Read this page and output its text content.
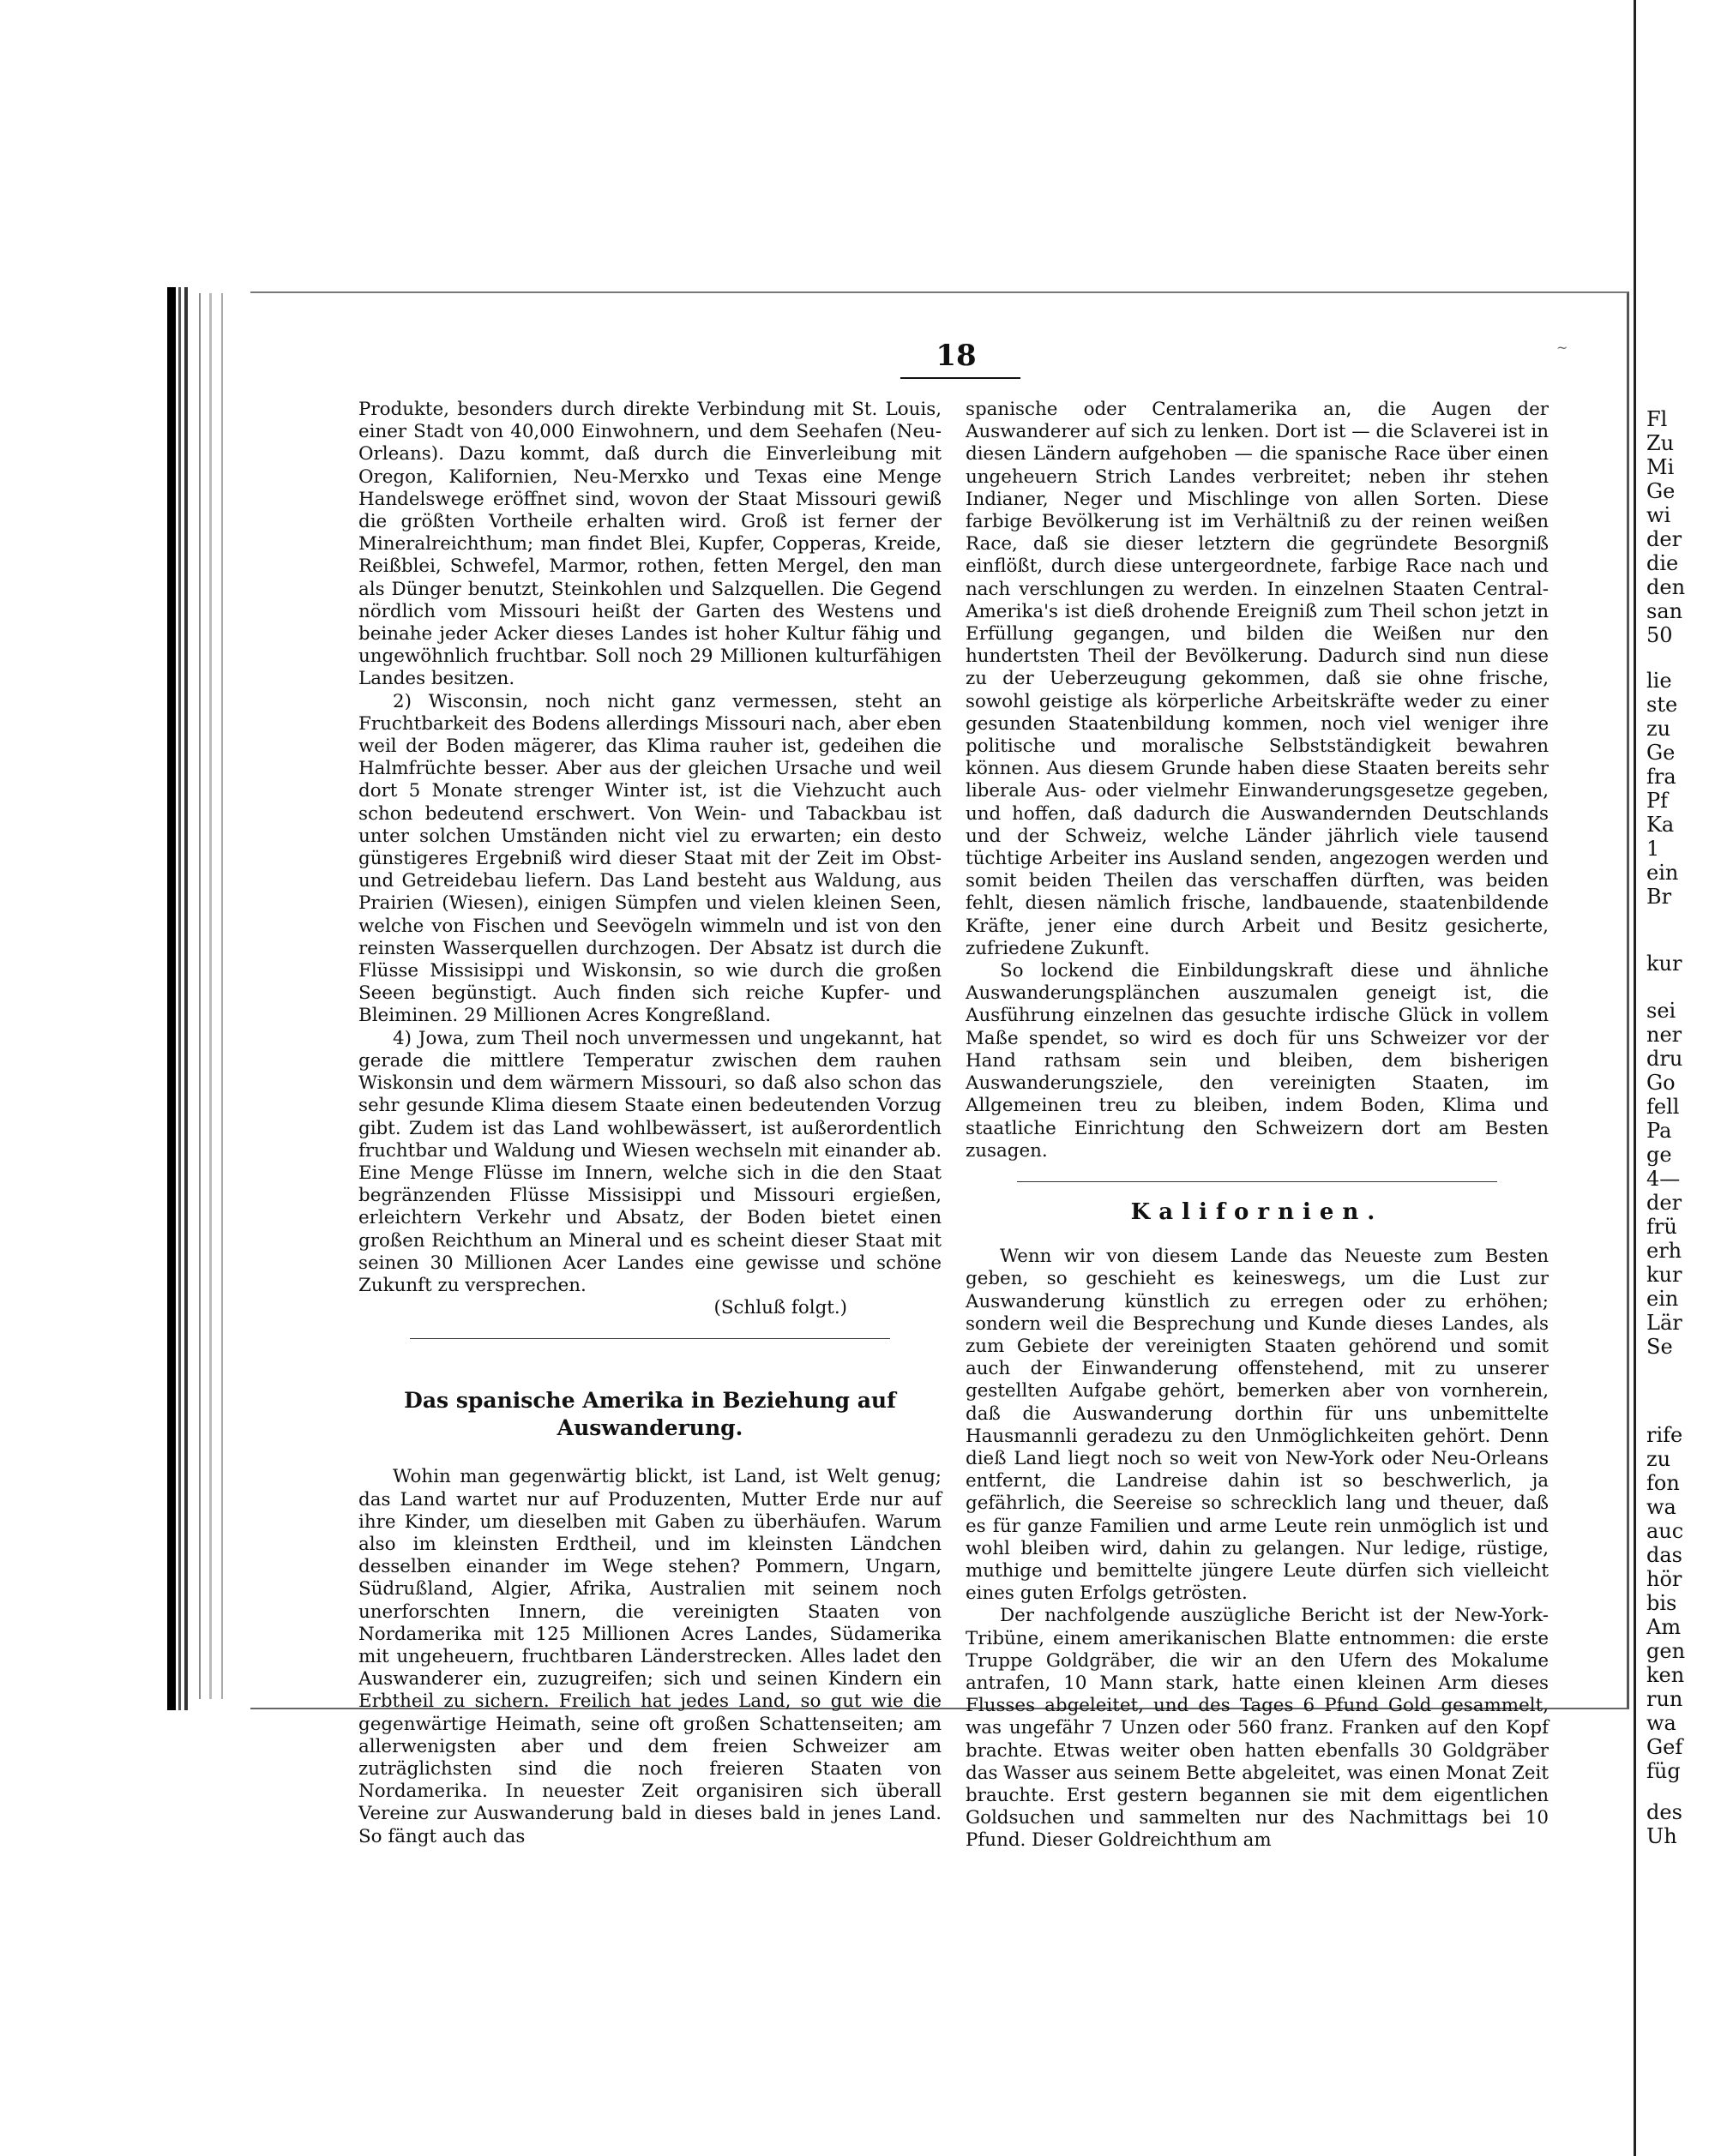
18	~

Produkte, besonders durch direkte Verbindung mit St. Louis, einer Stadt von 40,000 Einwohnern, und dem Seehafen (Neu-Orleans). Dazu kommt, daß durch die Einverleibung mit Oregon, Kalifornien, Neu-Merxko und Texas eine Menge Handelswege eröffnet sind, wovon der Staat Missouri gewiß die größten Vortheile erhalten wird. Groß ist ferner der Mineralreichthum; man findet Blei, Kupfer, Copperas, Kreide, Reißblei, Schwefel, Marmor, rothen, fetten Mergel, den man als Dünger benutzt, Steinkohlen und Salzquellen. Die Gegend nördlich vom Missouri heißt der Garten des Westens und beinahe jeder Acker dieses Landes ist hoher Kultur fähig und ungewöhnlich fruchtbar. Soll noch 29 Millionen kulturfähigen Landes besitzen.

2) Wisconsin, noch nicht ganz vermessen, steht an Fruchtbarkeit des Bodens allerdings Missouri nach, aber eben weil der Boden mägerer, das Klima rauher ist, gedeihen die Halmfrüchte besser. Aber aus der gleichen Ursache und weil dort 5 Monate strenger Winter ist, ist die Viehzucht auch schon bedeutend erschwert. Von Wein- und Tabackbau ist unter solchen Umständen nicht viel zu erwarten; ein desto günstigeres Ergebniß wird dieser Staat mit der Zeit im Obst- und Getreidebau liefern. Das Land besteht aus Waldung, aus Prairien (Wiesen), einigen Sümpfen und vielen kleinen Seen, welche von Fischen und Seevögeln wimmeln und ist von den reinsten Wasserquellen durchzogen. Der Absatz ist durch die Flüsse Missisippi und Wiskonsin, so wie durch die großen Seeen begünstigt. Auch finden sich reiche Kupfer- und Bleiminen. 29 Millionen Acres Kongreßland.

4) Jowa, zum Theil noch unvermessen und ungekannt, hat gerade die mittlere Temperatur zwischen dem rauhen Wiskonsin und dem wärmern Missouri, so daß also schon das sehr gesunde Klima diesem Staate einen bedeutenden Vorzug gibt. Zudem ist das Land wohlbewässert, ist außerordentlich fruchtbar und Waldung und Wiesen wechseln mit einander ab. Eine Menge Flüsse im Innern, welche sich in die den Staat begränzenden Flüsse Missisippi und Missouri ergießen, erleichtern Verkehr und Absatz, der Boden bietet einen großen Reichthum an Mineral und es scheint dieser Staat mit seinen 30 Millionen Acer Landes eine gewisse und schöne Zukunft zu versprechen.

(Schluß folgt.)

Das spanische Amerika in Beziehung auf Auswanderung.

Wohin man gegenwärtig blickt, ist Land, ist Welt genug; das Land wartet nur auf Produzenten, Mutter Erde nur auf ihre Kinder, um dieselben mit Gaben zu überhäufen. Warum also im kleinsten Erdtheil, und im kleinsten Ländchen desselben einander im Wege stehen? Pommern, Ungarn, Südrußland, Algier, Afrika, Australien mit seinem noch unerforschten Innern, die vereinigten Staaten von Nordamerika mit 125 Millionen Acres Landes, Südamerika mit ungeheuern, fruchtbaren Länderstrecken. Alles ladet den Auswanderer ein, zuzugreifen; sich und seinen Kindern ein Erbtheil zu sichern. Freilich hat jedes Land, so gut wie die gegenwärtige Heimath, seine oft großen Schattenseiten; am allerwenigsten aber und dem freien Schweizer am zuträglichsten sind die noch freieren Staaten von Nordamerika. In neuester Zeit organisiren sich überall Vereine zur Auswanderung bald in dieses bald in jenes Land. So fängt auch das

spanische oder Centralamerika an, die Augen der Auswanderer auf sich zu lenken. Dort ist — die Sclaverei ist in diesen Ländern aufgehoben — die spanische Race über einen ungeheuern Strich Landes verbreitet; neben ihr stehen Indianer, Neger und Mischlinge von allen Sorten. Diese farbige Bevölkerung ist im Verhältniß zu der reinen weißen Race, daß sie dieser letztern die gegründete Besorgniß einflößt, durch diese untergeordnete, farbige Race nach und nach verschlungen zu werden. In einzelnen Staaten Central-Amerika's ist dieß drohende Ereigniß zum Theil schon jetzt in Erfüllung gegangen, und bilden die Weißen nur den hundertsten Theil der Bevölkerung. Dadurch sind nun diese zu der Ueberzeugung gekommen, daß sie ohne frische, sowohl geistige als körperliche Arbeitskräfte weder zu einer gesunden Staatenbildung kommen, noch viel weniger ihre politische und moralische Selbstständigkeit bewahren können. Aus diesem Grunde haben diese Staaten bereits sehr liberale Aus- oder vielmehr Einwanderungsgesetze gegeben, und hoffen, daß dadurch die Auswandernden Deutschlands und der Schweiz, welche Länder jährlich viele tausend tüchtige Arbeiter ins Ausland senden, angezogen werden und somit beiden Theilen das verschaffen dürften, was beiden fehlt, diesen nämlich frische, landbauende, staatenbildende Kräfte, jener eine durch Arbeit und Besitz gesicherte, zufriedene Zukunft.

So lockend die Einbildungskraft diese und ähnliche Auswanderungsplänchen auszumalen geneigt ist, die Ausführung einzelnen das gesuchte irdische Glück in vollem Maße spendet, so wird es doch für uns Schweizer vor der Hand rathsam sein und bleiben, dem bisherigen Auswanderungsziele, den vereinigten Staaten, im Allgemeinen treu zu bleiben, indem Boden, Klima und staatliche Einrichtung den Schweizern dort am Besten zusagen.

Kalifornien.

Wenn wir von diesem Lande das Neueste zum Besten geben, so geschieht es keineswegs, um die Lust zur Auswanderung künstlich zu erregen oder zu erhöhen; sondern weil die Besprechung und Kunde dieses Landes, als zum Gebiete der vereinigten Staaten gehörend und somit auch der Einwanderung offenstehend, mit zu unserer gestellten Aufgabe gehört, bemerken aber von vornherein, daß die Auswanderung dorthin für uns unbemittelte Hausmannli geradezu zu den Unmöglichkeiten gehört. Denn dieß Land liegt noch so weit von New-York oder Neu-Orleans entfernt, die Landreise dahin ist so beschwerlich, ja gefährlich, die Seereise so schrecklich lang und theuer, daß es für ganze Familien und arme Leute rein unmöglich ist und wohl bleiben wird, dahin zu gelangen. Nur ledige, rüstige, muthige und bemittelte jüngere Leute dürfen sich vielleicht eines guten Erfolgs getrösten.

Der nachfolgende auszügliche Bericht ist der New-York-Tribüne, einem amerikanischen Blatte entnommen: die erste Truppe Goldgräber, die wir an den Ufern des Mokalume antrafen, 10 Mann stark, hatte einen kleinen Arm dieses Flusses abgeleitet, und des Tages 6 Pfund Gold gesammelt, was ungefähr 7 Unzen oder 560 franz. Franken auf den Kopf brachte. Etwas weiter oben hatten ebenfalls 30 Goldgräber das Wasser aus seinem Bette abgeleitet, was einen Monat Zeit brauchte. Erst gestern begannen sie mit dem eigentlichen Goldsuchen und sammelten nur des Nachmittags bei 10 Pfund. Dieser Goldreichthum am

Fl
Zu
Mi
Ge
wi
der
die
den
san
50
lie
ste
zu
Ge
fra
Pf
Ka
1
ein
Br
kur
sei
ner
dru
Go
fell
Pa
ge
4—
der
frü
erh
kur
ein
Lär
Se
rife
zu
fon
wa
auc
das
hör
bis
Am
gen
ken
run
wa
Gef
füg
des
Uh
